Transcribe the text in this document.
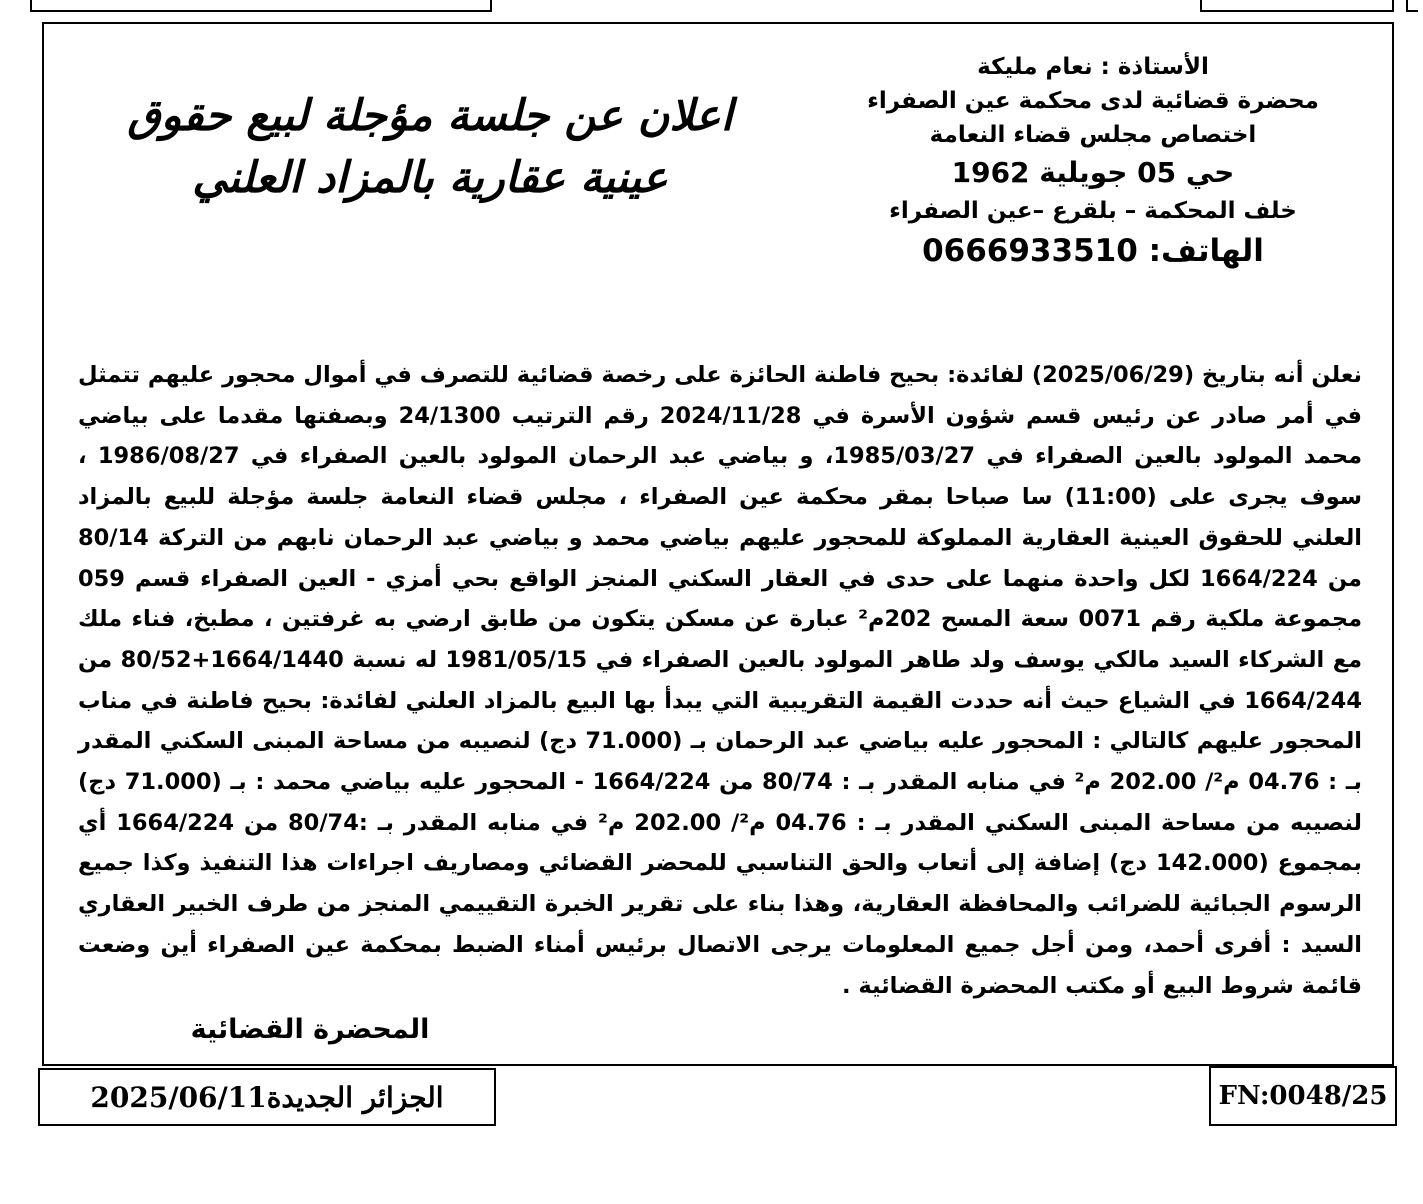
الأستاذة : نعام مليكة
محضرة قضائية لدى محكمة عين الصفراء
اختصاص مجلس قضاء النعامة
حي 05 جويلية 1962
خلف المحكمة – بلقرع –عين الصفراء
الهاتف: 0666933510
اعلان عن جلسة مؤجلة لبيع حقوق
عينية عقارية بالمزاد العلني

نعلن أنه بتاريخ (2025/06/29) لفائدة: بحيح فاطنة الحائزة على رخصة قضائية للتصرف في أموال محجور عليهم تتمثل في أمر صادر عن رئيس قسم شؤون الأسرة في 2024/11/28 رقم الترتيب 24/1300 وبصفتها مقدما على بياضي محمد المولود بالعين الصفراء في 1985/03/27، و بياضي عبد الرحمان المولود بالعين الصفراء في 1986/08/27 ، سوف يجرى على (11:00) سا صباحا بمقر محكمة عين الصفراء ، مجلس قضاء النعامة جلسة مؤجلة للبيع بالمزاد العلني للحقوق العينية العقارية المملوكة للمحجور عليهم بياضي محمد و بياضي عبد الرحمان نابهم من التركة 80/14 من 1664/224 لكل واحدة منهما على حدى في العقار السكني المنجز الواقع بحي أمزي - العين الصفراء قسم 059 مجموعة ملكية رقم 0071 سعة المسح 202م² عبارة عن مسكن يتكون من طابق ارضي به غرفتين ، مطبخ، فناء ملك مع الشركاء السيد مالكي يوسف ولد طاهر المولود بالعين الصفراء في 1981/05/15 له نسبة 1664/1440+80/52 من 1664/244 في الشياع حيث أنه حددت القيمة التقريبية التي يبدأ بها البيع بالمزاد العلني لفائدة: بحيح فاطنة في مناب المحجور عليهم كالتالي : المحجور عليه بياضي عبد الرحمان بـ (71.000 دج) لنصيبه من مساحة المبنى السكني المقدر بـ : 04.76 م²/ 202.00 م² في منابه المقدر بـ : 80/74 من 1664/224 - المحجور عليه بياضي محمد : بـ (71.000 دج) لنصيبه من مساحة المبنى السكني المقدر بـ : 04.76 م²/ 202.00 م² في منابه المقدر بـ :80/74 من 1664/224 أي بمجموع (142.000 دج) إضافة إلى أتعاب والحق التناسبي للمحضر القضائي ومصاريف اجراءات هذا التنفيذ وكذا جميع الرسوم الجبائية للضرائب والمحافظة العقارية، وهذا بناء على تقرير الخبرة التقييمي المنجز من طرف الخبير العقاري السيد : أفرى أحمد، ومن أجل جميع المعلومات يرجى الاتصال برئيس أمناء الضبط بمحكمة عين الصفراء أين وضعت قائمة شروط البيع أو مكتب المحضرة القضائية .

المحضرة القضائية
الجزائر الجديدة2025/06/11	FN:0048/25
